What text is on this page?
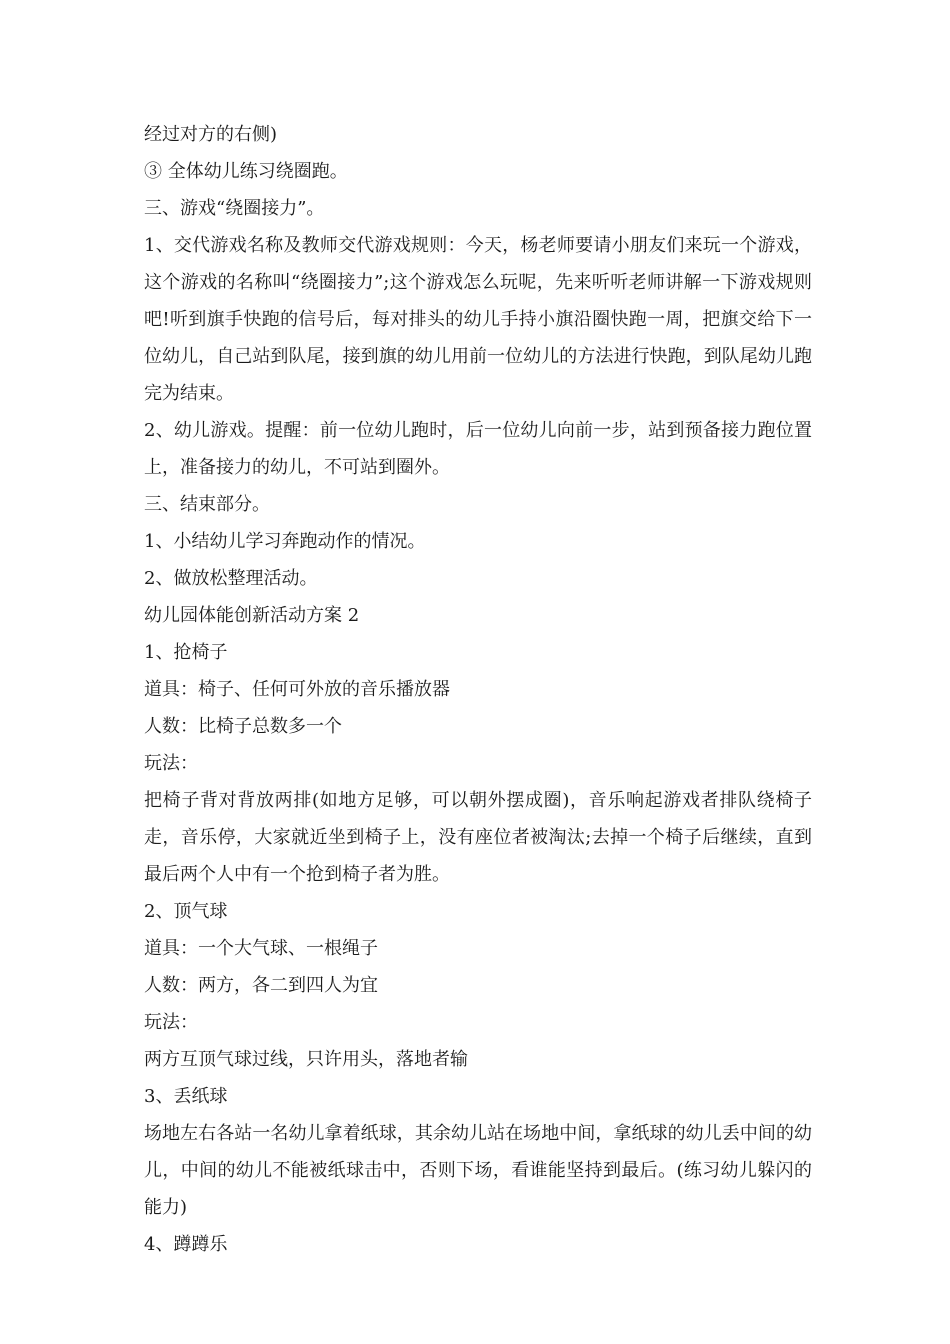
经过对方的右侧)

③ 全体幼儿练习绕圈跑。

三、游戏“绕圈接力”。

1、交代游戏名称及教师交代游戏规则：今天，杨老师要请小朋友们来玩一个游戏，这个游戏的名称叫“绕圈接力”;这个游戏怎么玩呢，先来听听老师讲解一下游戏规则吧!听到旗手快跑的信号后，每对排头的幼儿手持小旗沿圈快跑一周，把旗交给下一位幼儿，自己站到队尾，接到旗的幼儿用前一位幼儿的方法进行快跑，到队尾幼儿跑完为结束。

2、幼儿游戏。提醒：前一位幼儿跑时，后一位幼儿向前一步，站到预备接力跑位置上，准备接力的幼儿，不可站到圈外。

三、结束部分。

1、小结幼儿学习奔跑动作的情况。

2、做放松整理活动。

幼儿园体能创新活动方案 2

1、抢椅子

道具：椅子、任何可外放的音乐播放器

人数：比椅子总数多一个

玩法：

把椅子背对背放两排(如地方足够，可以朝外摆成圈)，音乐响起游戏者排队绕椅子走，音乐停，大家就近坐到椅子上，没有座位者被淘汰;去掉一个椅子后继续，直到最后两个人中有一个抢到椅子者为胜。

2、顶气球

道具：一个大气球、一根绳子

人数：两方，各二到四人为宜

玩法：

两方互顶气球过线，只许用头，落地者输

3、丢纸球

场地左右各站一名幼儿拿着纸球，其余幼儿站在场地中间，拿纸球的幼儿丢中间的幼儿，中间的幼儿不能被纸球击中，否则下场，看谁能坚持到最后。(练习幼儿躲闪的能力)

4、蹲蹲乐
